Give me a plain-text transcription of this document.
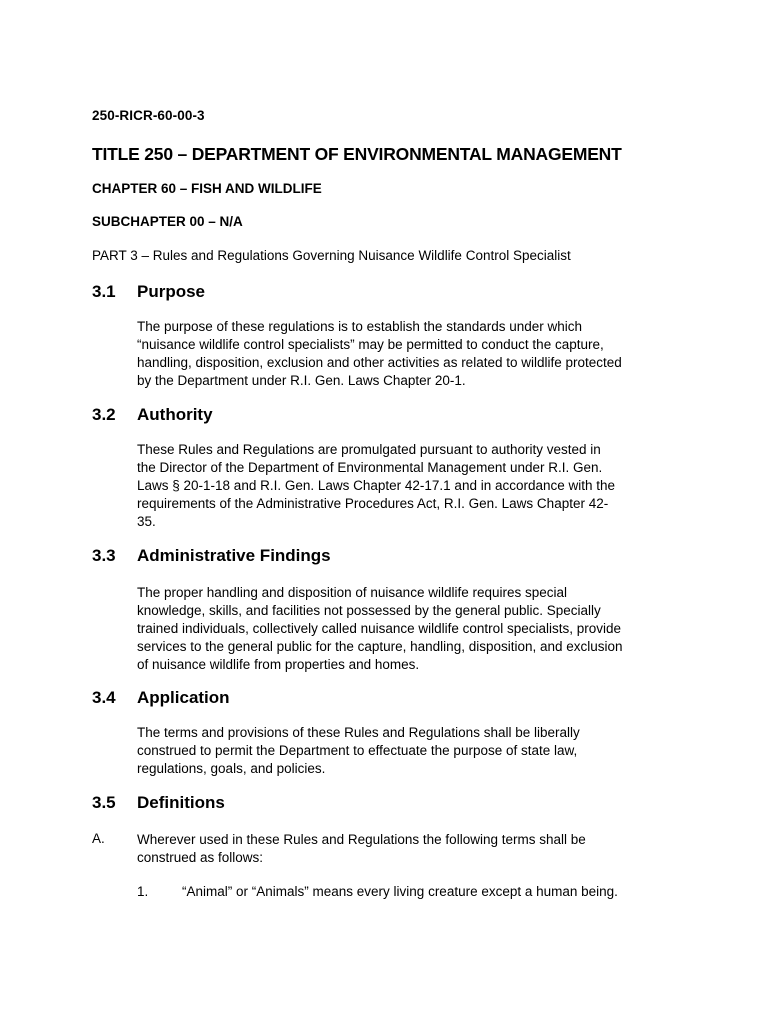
250-RICR-60-00-3
TITLE 250 – DEPARTMENT OF ENVIRONMENTAL MANAGEMENT
CHAPTER 60 – FISH AND WILDLIFE
SUBCHAPTER 00 – N/A
PART 3 – Rules and Regulations Governing Nuisance Wildlife Control Specialist
3.1 Purpose
The purpose of these regulations is to establish the standards under which
“nuisance wildlife control specialists” may be permitted to conduct the capture,
handling, disposition, exclusion and other activities as related to wildlife protected
by the Department under R.I. Gen. Laws Chapter 20-1.
3.2 Authority
These Rules and Regulations are promulgated pursuant to authority vested in
the Director of the Department of Environmental Management under R.I. Gen.
Laws § 20-1-18 and R.I. Gen. Laws Chapter 42-17.1 and in accordance with the
requirements of the Administrative Procedures Act, R.I. Gen. Laws Chapter 42-
35.
3.3 Administrative Findings
The proper handling and disposition of nuisance wildlife requires special
knowledge, skills, and facilities not possessed by the general public. Specially
trained individuals, collectively called nuisance wildlife control specialists, provide
services to the general public for the capture, handling, disposition, and exclusion
of nuisance wildlife from properties and homes.
3.4 Application
The terms and provisions of these Rules and Regulations shall be liberally
construed to permit the Department to effectuate the purpose of state law,
regulations, goals, and policies.
3.5 Definitions
A. Wherever used in these Rules and Regulations the following terms shall be
construed as follows:
1. “Animal” or “Animals” means every living creature except a human being.
